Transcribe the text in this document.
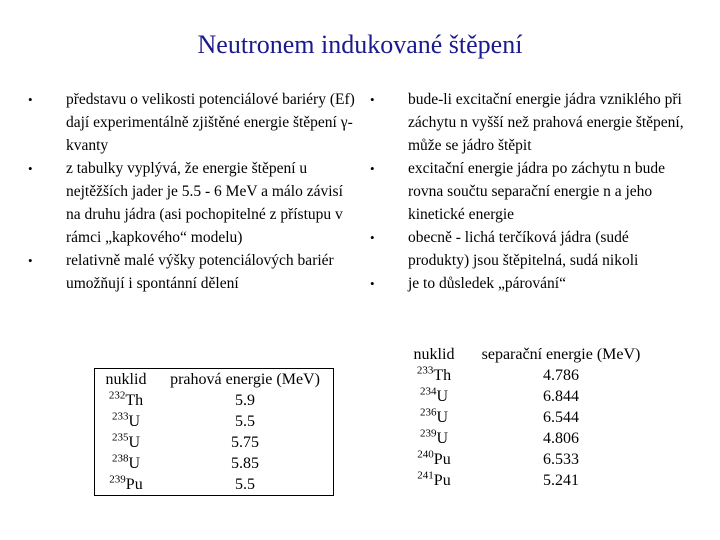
Neutronem indukované štěpení
•	představu o velikosti potenciálové bariéry (Ef) dají experimentálně zjištěné energie štěpení γ-kvanty
•	z tabulky vyplývá, že energie štěpení u nejtěžších jader je 5.5 - 6 MeV a málo závisí na druhu jádra (asi pochopitelné z přístupu v rámci „kapkového“ modelu)
•	relativně malé výšky potenciálových bariér umožňují i spontánní dělení
•	bude-li excitační energie jádra vzniklého při záchytu n vyšší než prahová energie štěpení, může se jádro štěpit
•	excitační energie jádra po záchytu n bude rovna součtu separační energie n a jeho kinetické energie
•	obecně - lichá terčíková jádra (sudé produkty) jsou štěpitelná, sudá nikoli
•	je to důsledek „párování“
nuklid	prahová energie (MeV)
$^{232}$Th	5.9
$^{233}$U	5.5
$^{235}$U	5.75
$^{238}$U	5.85
$^{239}$Pu	5.5
nuklid	separační energie (MeV)
$^{233}$Th	4.786
$^{234}$U	6.844
$^{236}$U	6.544
$^{239}$U	4.806
$^{240}$Pu	6.533
$^{241}$Pu	5.241
